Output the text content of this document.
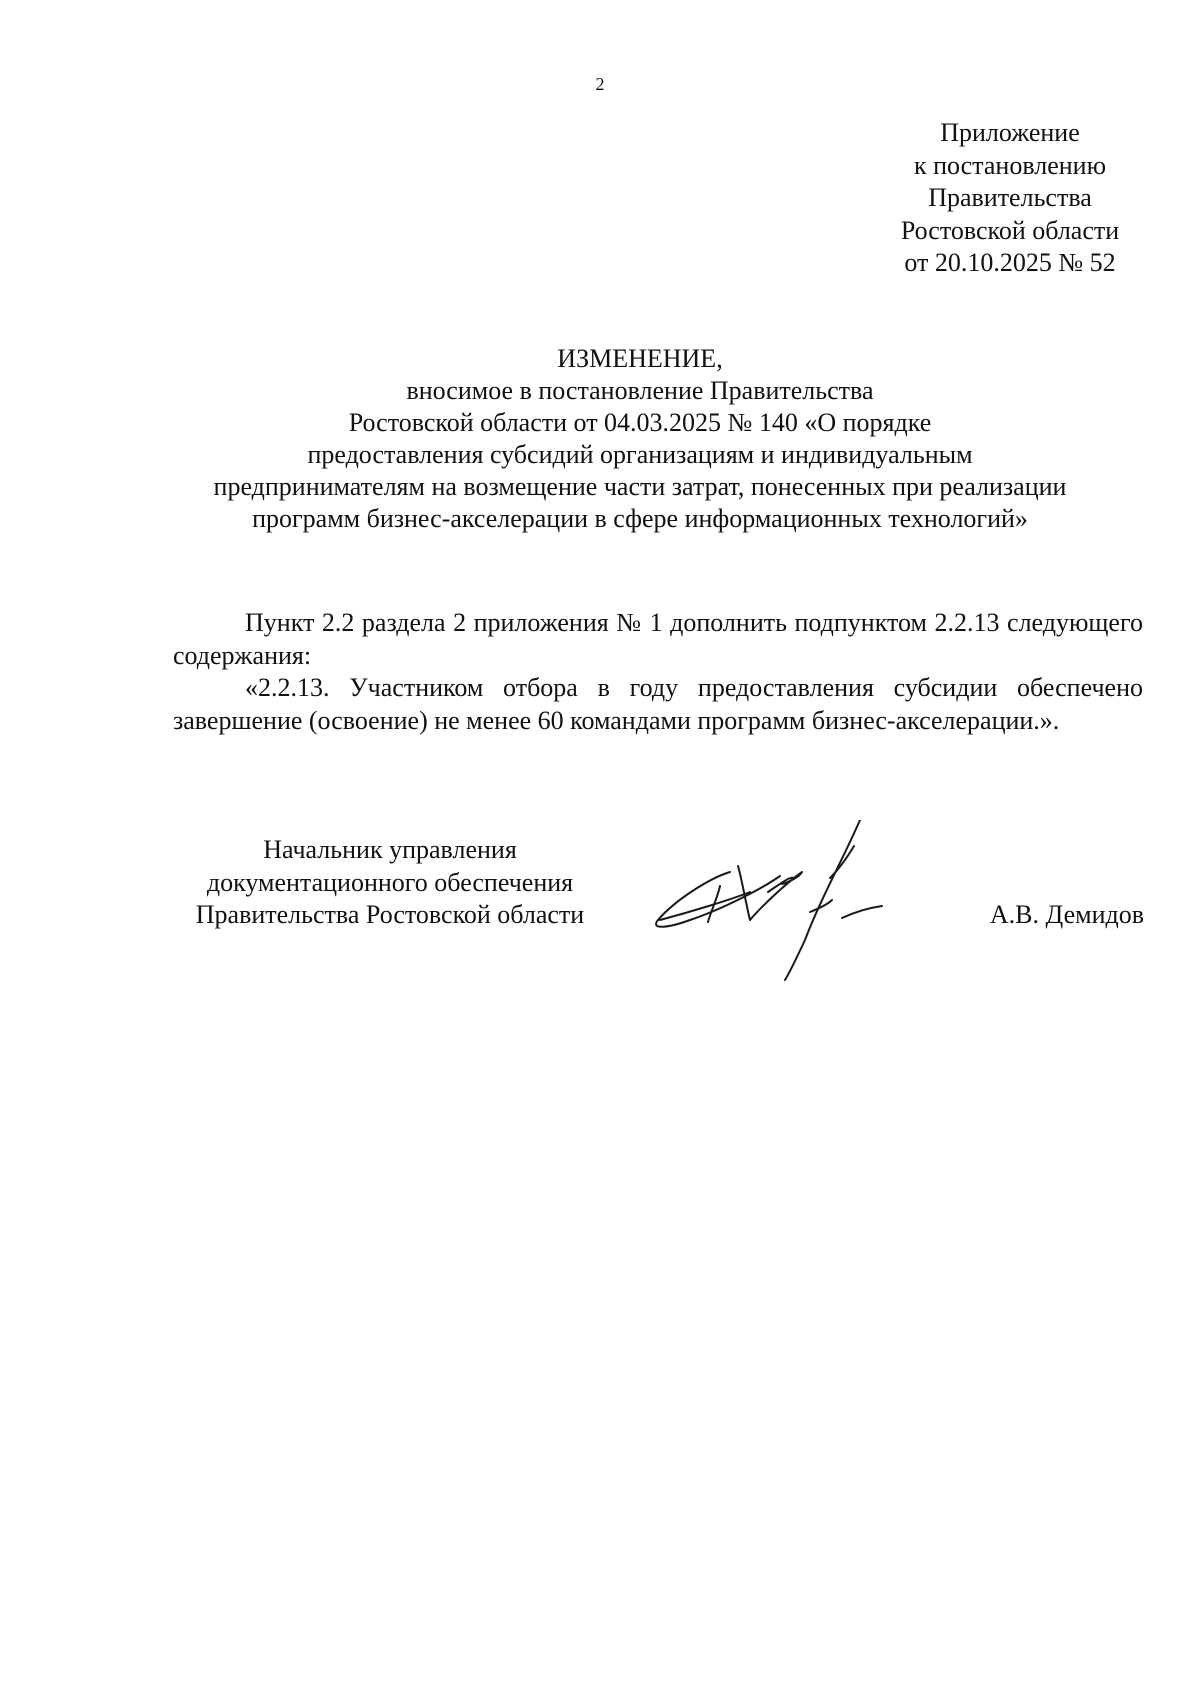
2
Приложение
к постановлению
Правительства
Ростовской области
от 20.10.2025 № 52
ИЗМЕНЕНИЕ,
вносимое в постановление Правительства
Ростовской области от 04.03.2025 № 140 «О порядке
предоставления субсидий организациям и индивидуальным
предпринимателям на возмещение части затрат, понесенных при реализации
программ бизнес-акселерации в сфере информационных технологий»

Пункт 2.2 раздела 2 приложения № 1 дополнить подпунктом 2.2.13 следующего содержания:

«2.2.13. Участником отбора в году предоставления субсидии обеспечено завершение (освоение) не менее 60 командами программ бизнес-акселерации.».

Начальник управления
документационного обеспечения
Правительства Ростовской области	А.В. Демидов
